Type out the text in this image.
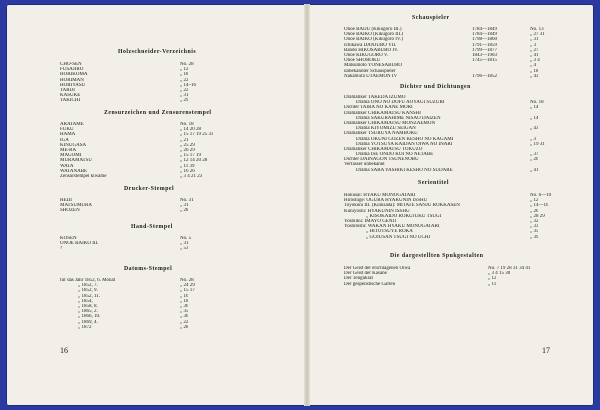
Holzschneider-Verzeichnis
CHO-SEN	No. 28
FUSAJIRO	„ 12
HORIKOMA	„ 18
HORIMAN	„ 22
HORIYASU	„ 14–16
TARIJI	„ 22
KASUKE	„ 31
TAKICHI	„ 29
Zensurzeichen und Zensurenstempel
ARATAME	No. 18
FUKU	„ 14 20 28
HAMA	„ 15 17 19 25 33
IGA	„ 21
KINUGASA	„ 25 29
ME-RA	„ 26 29
MAGOMI	„ 15 17 19
MURAMATSU	„ 12 14 20 28
WATA	„ 11 39
WATANABE	„ 16 26
Zensurstempel kiwame	„ 3 4 21 23
Drucker-Stempel
HEIJI	No. 31
MATSUMURA	„ 31
SHOZEN	„ 28
Hand-Stempel
KOSEN	No. 5
ONOE BAIKO III.	„ 31
?	„ 53
Datums-Stempel
für das Jahr 1852, 6. Monat	No. 28
„ 1852, 7.	„ 24 29
„ 1852, 9.	„ 15 17
„ 1852, 11.	„ 16
„ 1854,	„ 18
„ 1858, 8.	„ 36
„ 1865, 2.	„ 35
„ 1866, 10.	„ 36
„ 1869, 4.	„ 22
„ 1872	„ 28
16
Schauspieler
Onoe BAIJU (Kikugoro III.)	1784—1849	No. 13
Onoe BAIKO (Kikugoro III.)	1784—1849	„ 27 31
Onoe BAIKO (Kikugoro IV.)	1798—1860	„ 31
Ichikawa DANJURO VII.	1791—1859	„ 3
Bando HIKOSABURO IV.	1799—1877	„ 27
Onoe KIKUGORO V.	1843—1903	„ 41
Onoe SHOROKU	1745—1815	„ 3 4
Matsumoto YONESABURO	„ 4
unbekannter Schauspieler	„ 18
Nakamura UTAEMON IV	1796—1852	„ 43
Dichter und Dichtungen
Dramatiker TAKEDA IZUMO
Drama ONO NO DOFU AOYAGI SUZURI	No. 18
Dichter TAIRA NO KANE MORI	„ 14
Dramatiker CHIKAMATSU KANSHI
Drama SAKURAHIME NISAO DAIZEN	„ 14
Dramatiker CHIKAMATSU MONZAEMON
Drama KIYOMIZU SEIGAN	„ 43
Dramatiker TSURUYA NAMBOKU
Drama OKUNI GOZEN KESHO NO KAGAMI	„ 3
Drama YOTSUYA KAIDAN OIWA NO INARI	„ 19 31
Dramatiker CHIKAMATSU TOKUZO
Drama ISE ONDO KOI NO NETABE	„ 37
Dichter DAINAGON TSUNENOBU	„ 26
Verfasser unbekannt
Drama SARA YASHIKI KESHO NO SUDARE	„ 41
Serientitel
Hokusai: HYAKU MONOGATARI	No. 6—10
Hiroshige: OGURA HYAKUNIN ISSHU	„ 12
Toyokuni III. (Kunisada): MITATE SANJU ROKKASEN	„ 14—16
Kuniyoshi: HYAKUNIN ISSHU	„ 26
„ KISOKAIDO ROKUJUKU TSUGI	„ 28 29
Yoshiiku: IMAYO GENJI	„ 32
Yoshitoshi: WAKAN HYAKU MONOGATARI	„ 33
„ HITOTSUYE ROKA	„ 35
„ GOJUSAN TSUGI NO UCHI	„ 39
Die dargestellten Spukgestalten
Der Geist der erschlagenen Oiwa	No. 7 19 28 31 34 41
Der Geist der Kasane	„ 3 4 15 30
Der Tengukrat	„ 12
Der gespenstische Garten	„ 11
17
